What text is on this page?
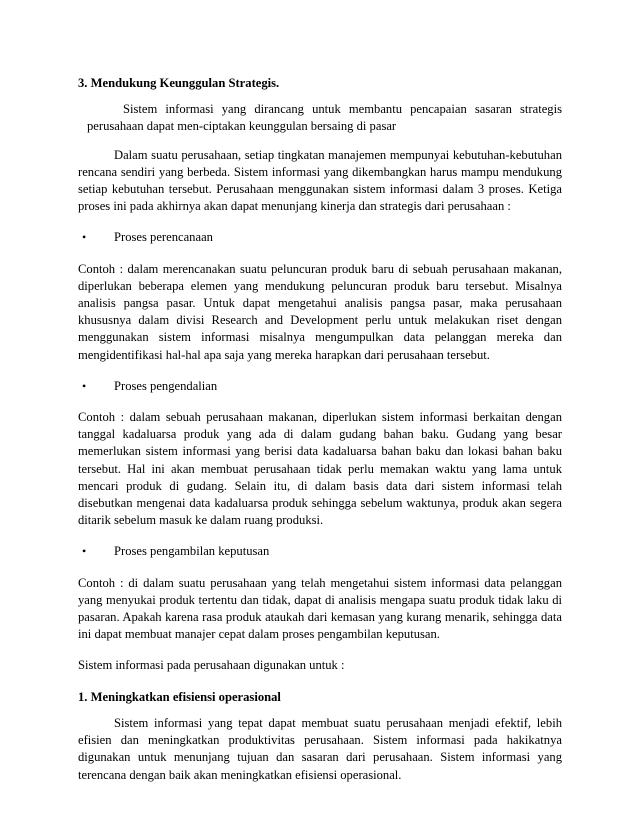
3. Mendukung Keunggulan Strategis.

Sistem informasi yang dirancang untuk membantu pencapaian sasaran strategis perusahaan dapat men-ciptakan keunggulan bersaing di pasar

Dalam suatu perusahaan, setiap tingkatan manajemen mempunyai kebutuhan-kebutuhan rencana sendiri yang berbeda. Sistem informasi yang dikembangkan harus mampu mendukung setiap kebutuhan tersebut. Perusahaan menggunakan sistem informasi dalam 3 proses. Ketiga proses ini pada akhirnya akan dapat menunjang kinerja dan strategis dari perusahaan :

•
Proses perencanaan

Contoh : dalam merencanakan suatu peluncuran produk baru di sebuah perusahaan makanan, diperlukan beberapa elemen yang mendukung peluncuran produk baru tersebut. Misalnya analisis pangsa pasar. Untuk dapat mengetahui analisis pangsa pasar, maka perusahaan khususnya dalam divisi Research and Development perlu untuk melakukan riset dengan menggunakan sistem informasi misalnya mengumpulkan data pelanggan mereka dan mengidentifikasi hal-hal apa saja yang mereka harapkan dari perusahaan tersebut.

•
Proses pengendalian

Contoh : dalam sebuah perusahaan makanan, diperlukan sistem informasi berkaitan dengan tanggal kadaluarsa produk yang ada di dalam gudang bahan baku. Gudang yang besar memerlukan sistem informasi yang berisi data kadaluarsa bahan baku dan lokasi bahan baku tersebut. Hal ini akan membuat perusahaan tidak perlu memakan waktu yang lama untuk mencari produk di gudang. Selain itu, di dalam basis data dari sistem informasi telah disebutkan mengenai data kadaluarsa produk sehingga sebelum waktunya, produk akan segera ditarik sebelum masuk ke dalam ruang produksi.

•
Proses pengambilan keputusan

Contoh : di dalam suatu perusahaan yang telah mengetahui sistem informasi data pelanggan yang menyukai produk tertentu dan tidak, dapat di analisis mengapa suatu produk tidak laku di pasaran. Apakah karena rasa produk ataukah dari kemasan yang kurang menarik, sehingga data ini dapat membuat manajer cepat dalam proses pengambilan keputusan.

Sistem informasi pada perusahaan digunakan untuk :

1. Meningkatkan efisiensi operasional

Sistem informasi yang tepat dapat membuat suatu perusahaan menjadi efektif, lebih efisien dan meningkatkan produktivitas perusahaan. Sistem informasi pada hakikatnya digunakan untuk menunjang tujuan dan sasaran dari perusahaan. Sistem informasi yang terencana dengan baik akan meningkatkan efisiensi operasional.
